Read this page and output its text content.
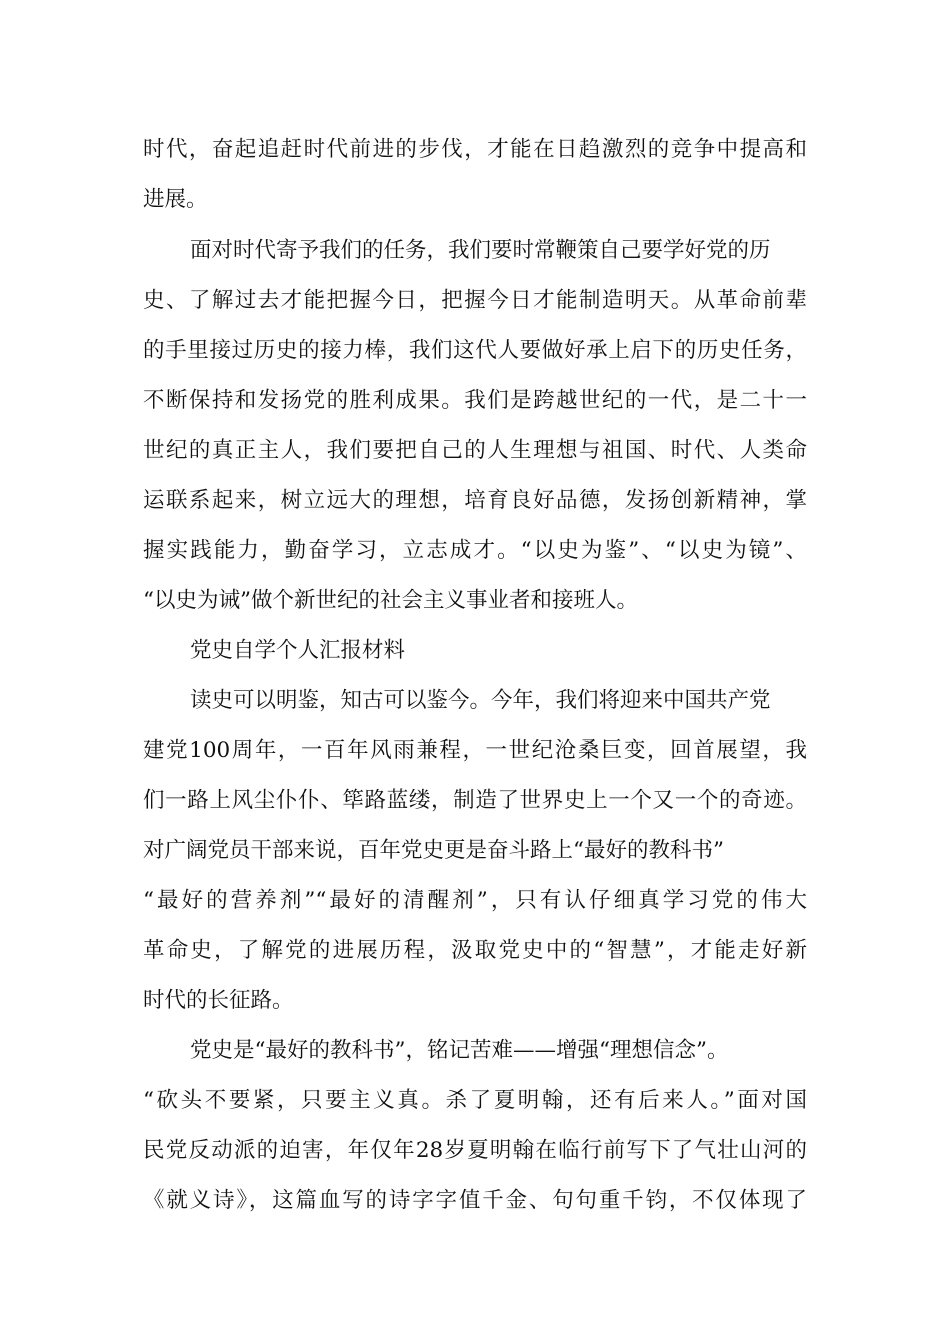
时代，奋起追赶时代前进的步伐，才能在日趋激烈的竞争中提高和
进展。
面对时代寄予我们的任务，我们要时常鞭策自己要学好党的历
史、了解过去才能把握今日，把握今日才能制造明天。从革命前辈
的手里接过历史的接力棒，我们这代人要做好承上启下的历史任务，
不断保持和发扬党的胜利成果。我们是跨越世纪的一代，是二十一
世纪的真正主人，我们要把自己的人生理想与祖国、时代、人类命
运联系起来，树立远大的理想，培育良好品德，发扬创新精神，掌
握实践能力，勤奋学习，立志成才。“以史为鉴”、“以史为镜”、
“以史为诫”做个新世纪的社会主义事业者和接班人。
党史自学个人汇报材料
读史可以明鉴，知古可以鉴今。今年，我们将迎来中国共产党
建党100周年，一百年风雨兼程，一世纪沧桑巨变，回首展望，我
们一路上风尘仆仆、筚路蓝缕，制造了世界史上一个又一个的奇迹。
对广阔党员干部来说，百年党史更是奋斗路上“最好的教科书”
“最好的营养剂”“最好的清醒剂”，只有认仔细真学习党的伟大
革命史，了解党的进展历程，汲取党史中的“智慧”，才能走好新
时代的长征路。
党史是“最好的教科书”，铭记苦难——增强“理想信念”。
“砍头不要紧，只要主义真。杀了夏明翰，还有后来人。”面对国
民党反动派的迫害，年仅年28岁夏明翰在临行前写下了气壮山河的
《就义诗》，这篇血写的诗字字值千金、句句重千钧，不仅体现了
